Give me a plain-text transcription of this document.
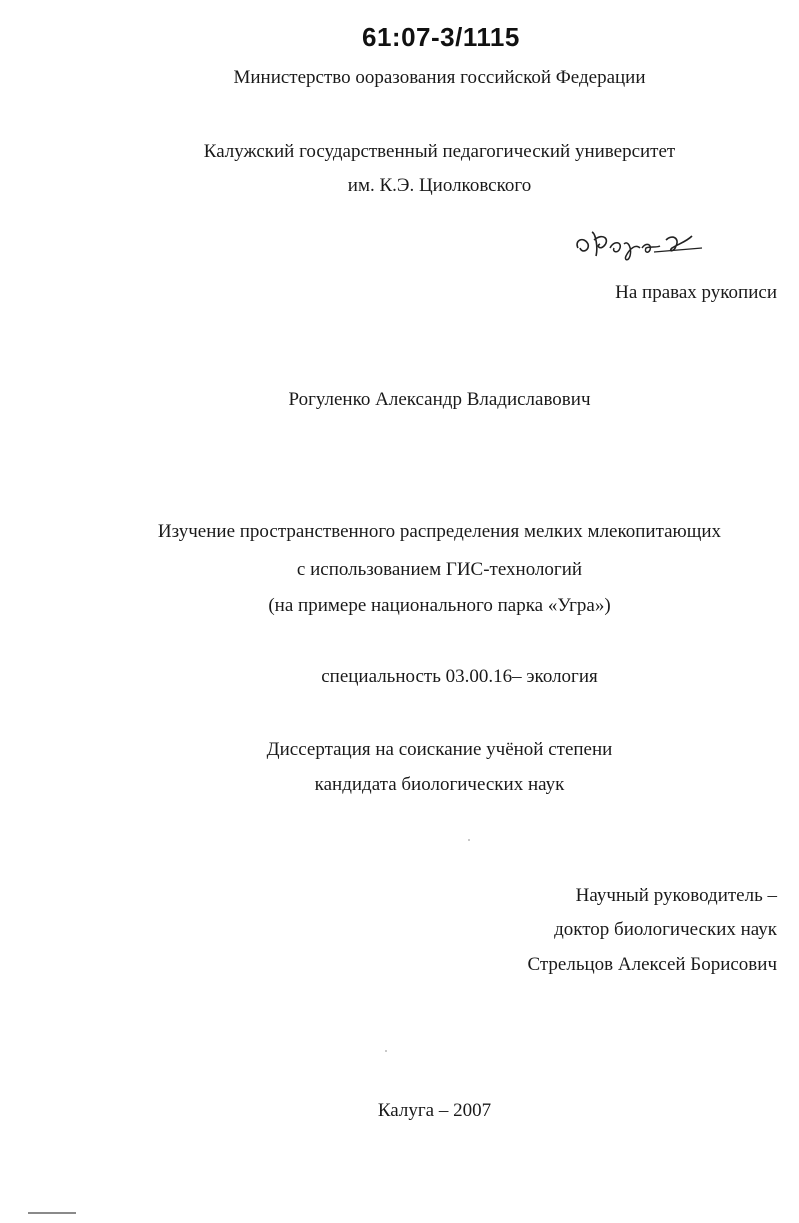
61:07-3/1115
Министерство ооразования госсийской Федерации
Калужский государственный педагогический университет
им. К.Э. Циолковского
На правах рукописи
Рогуленко Александр Владиславович
Изучение пространственного распределения мелких млекопитающих
с использованием ГИС-технологий
(на примере национального парка «Угра»)
специальность 03.00.16– экология
Диссертация на соискание учёной степени
кандидата биологических наук
Научный руководитель –
доктор биологических наук
Стрельцов Алексей Борисович
Калуга – 2007
